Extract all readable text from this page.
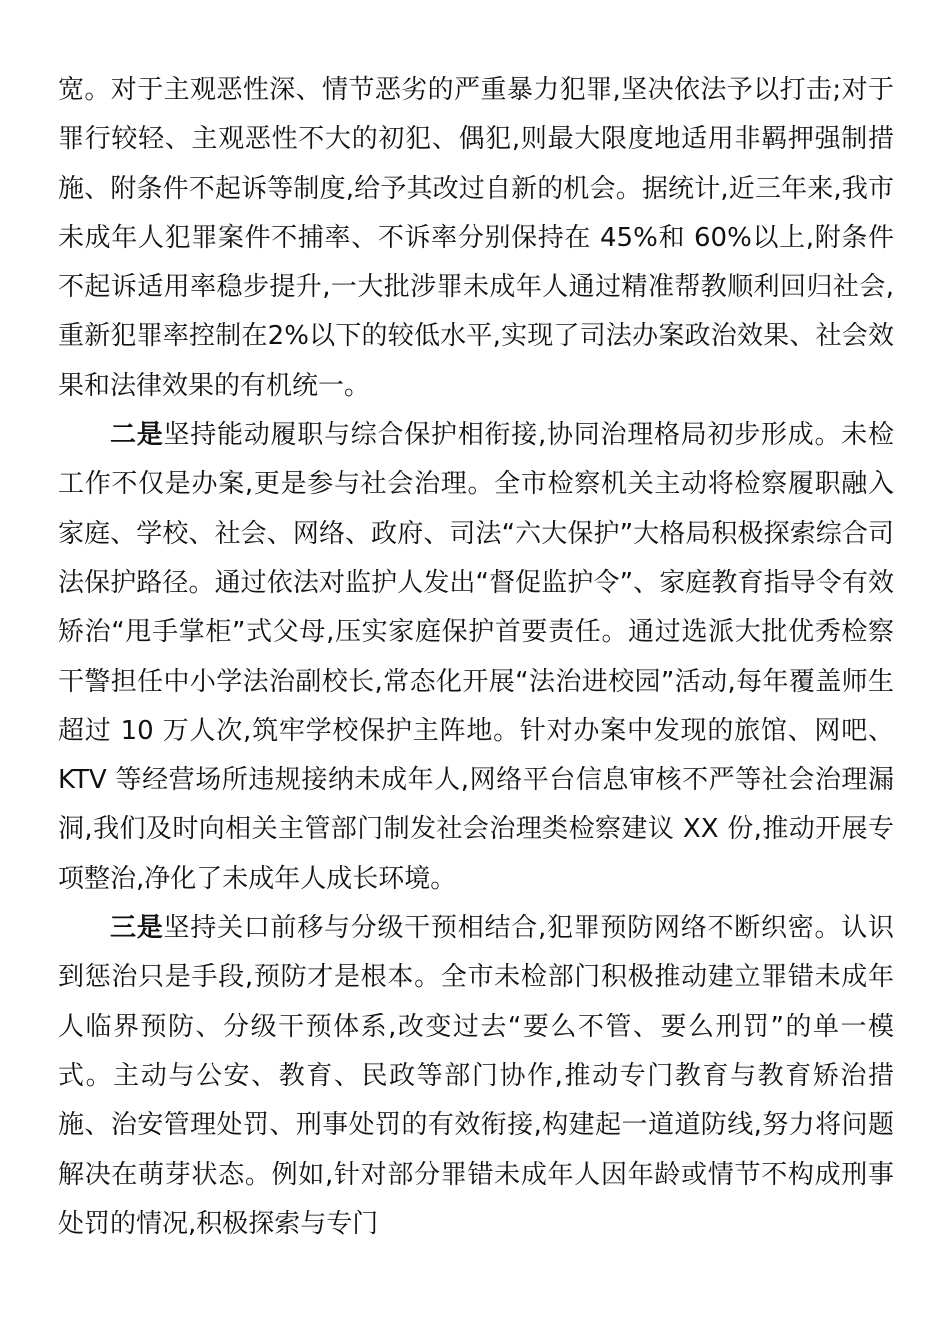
宽。对于主观恶性深、情节恶劣的严重暴力犯罪,坚决依法予以打击;对于罪行较轻、主观恶性不大的初犯、偶犯,则最大限度地适用非羁押强制措施、附条件不起诉等制度,给予其改过自新的机会。据统计,近三年来,我市未成年人犯罪案件不捕率、不诉率分别保持在 45%和 60%以上,附条件不起诉适用率稳步提升,一大批涉罪未成年人通过精准帮教顺利回归社会,重新犯罪率控制在2%以下的较低水平,实现了司法办案政治效果、社会效果和法律效果的有机统一。

二是坚持能动履职与综合保护相衔接,协同治理格局初步形成。未检工作不仅是办案,更是参与社会治理。全市检察机关主动将检察履职融入家庭、学校、社会、网络、政府、司法“六大保护”大格局积极探索综合司法保护路径。通过依法对监护人发出“督促监护令”、家庭教育指导令有效矫治“甩手掌柜”式父母,压实家庭保护首要责任。通过选派大批优秀检察干警担任中小学法治副校长,常态化开展“法治进校园”活动,每年覆盖师生超过 10 万人次,筑牢学校保护主阵地。针对办案中发现的旅馆、网吧、KTV 等经营场所违规接纳未成年人,网络平台信息审核不严等社会治理漏洞,我们及时向相关主管部门制发社会治理类检察建议 XX 份,推动开展专项整治,净化了未成年人成长环境。

三是坚持关口前移与分级干预相结合,犯罪预防网络不断织密。认识到惩治只是手段,预防才是根本。全市未检部门积极推动建立罪错未成年人临界预防、分级干预体系,改变过去“要么不管、要么刑罚”的单一模式。主动与公安、教育、民政等部门协作,推动专门教育与教育矫治措施、治安管理处罚、刑事处罚的有效衔接,构建起一道道防线,努力将问题解决在萌芽状态。例如,针对部分罪错未成年人因年龄或情节不构成刑事处罚的情况,积极探索与专门
